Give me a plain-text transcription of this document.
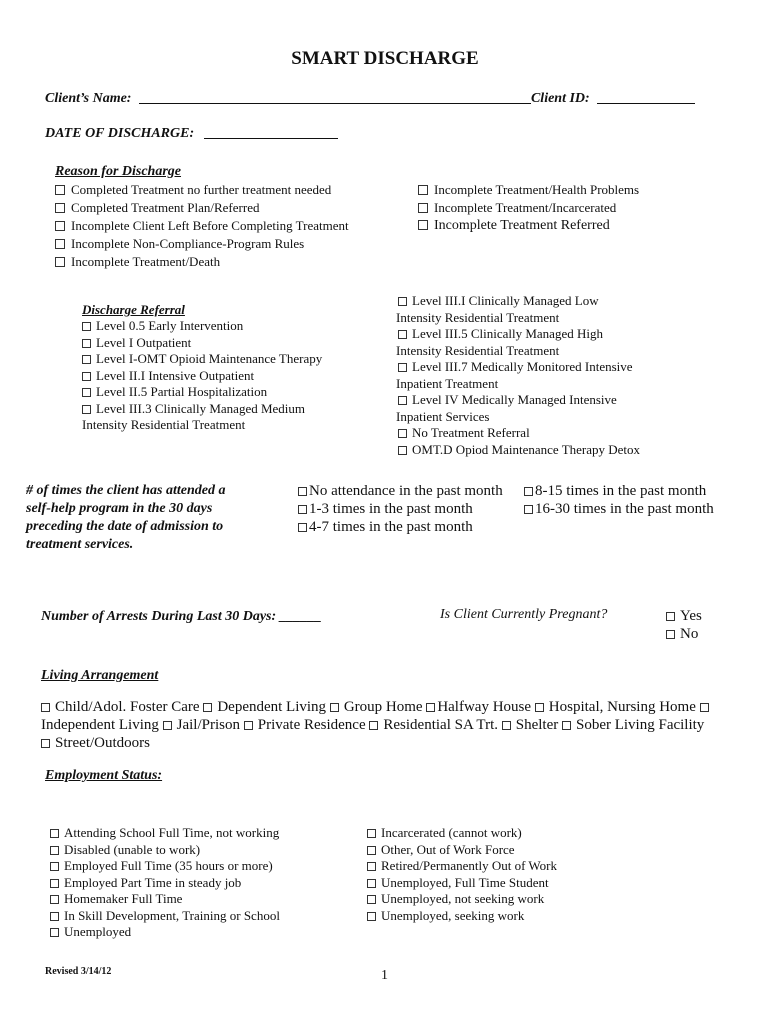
SMART DISCHARGE
Client’s Name:	Client ID:
DATE OF DISCHARGE:
Reason for Discharge
Completed Treatment no further treatment needed
Completed Treatment Plan/Referred
Incomplete Client Left Before Completing Treatment
Incomplete Non-Compliance-Program Rules
Incomplete Treatment/Death
Incomplete Treatment/Health Problems
Incomplete Treatment/Incarcerated
Incomplete Treatment Referred
Discharge Referral
Level 0.5 Early Intervention
Level I Outpatient
Level I-OMT Opioid Maintenance Therapy
Level II.I Intensive Outpatient
Level II.5 Partial Hospitalization
Level III.3 Clinically Managed Medium
Intensity Residential Treatment
Level III.I Clinically Managed Low
Intensity Residential Treatment
Level III.5 Clinically Managed High
Intensity Residential Treatment
Level III.7 Medically Monitored Intensive
Inpatient Treatment
Level IV Medically Managed Intensive
Inpatient Services
No Treatment Referral
OMT.D Opiod Maintenance Therapy Detox
# of times the client has attended a
self-help program in the 30 days
preceding the date of admission to
treatment services.
No attendance in the past month
1-3 times in the past month
4-7 times in the past month
8-15 times in the past month
16-30 times in the past month
Number of Arrests During Last 30 Days: ______	Is Client Currently Pregnant?	Yes
No
Living Arrangement
Child/Adol. Foster Care Dependent Living Group Home Halfway House Hospital, Nursing Home Independent Living Jail/Prison Private Residence Residential SA Trt. Shelter Sober Living Facility Street/Outdoors
Employment Status:
Attending School Full Time, not working
Disabled (unable to work)
Employed Full Time (35 hours or more)
Employed Part Time in steady job
Homemaker Full Time
In Skill Development, Training or School
Unemployed
Incarcerated (cannot work)
Other, Out of Work Force
Retired/Permanently Out of Work
Unemployed, Full Time Student
Unemployed, not seeking work
Unemployed, seeking work
Revised 3/14/12	1
